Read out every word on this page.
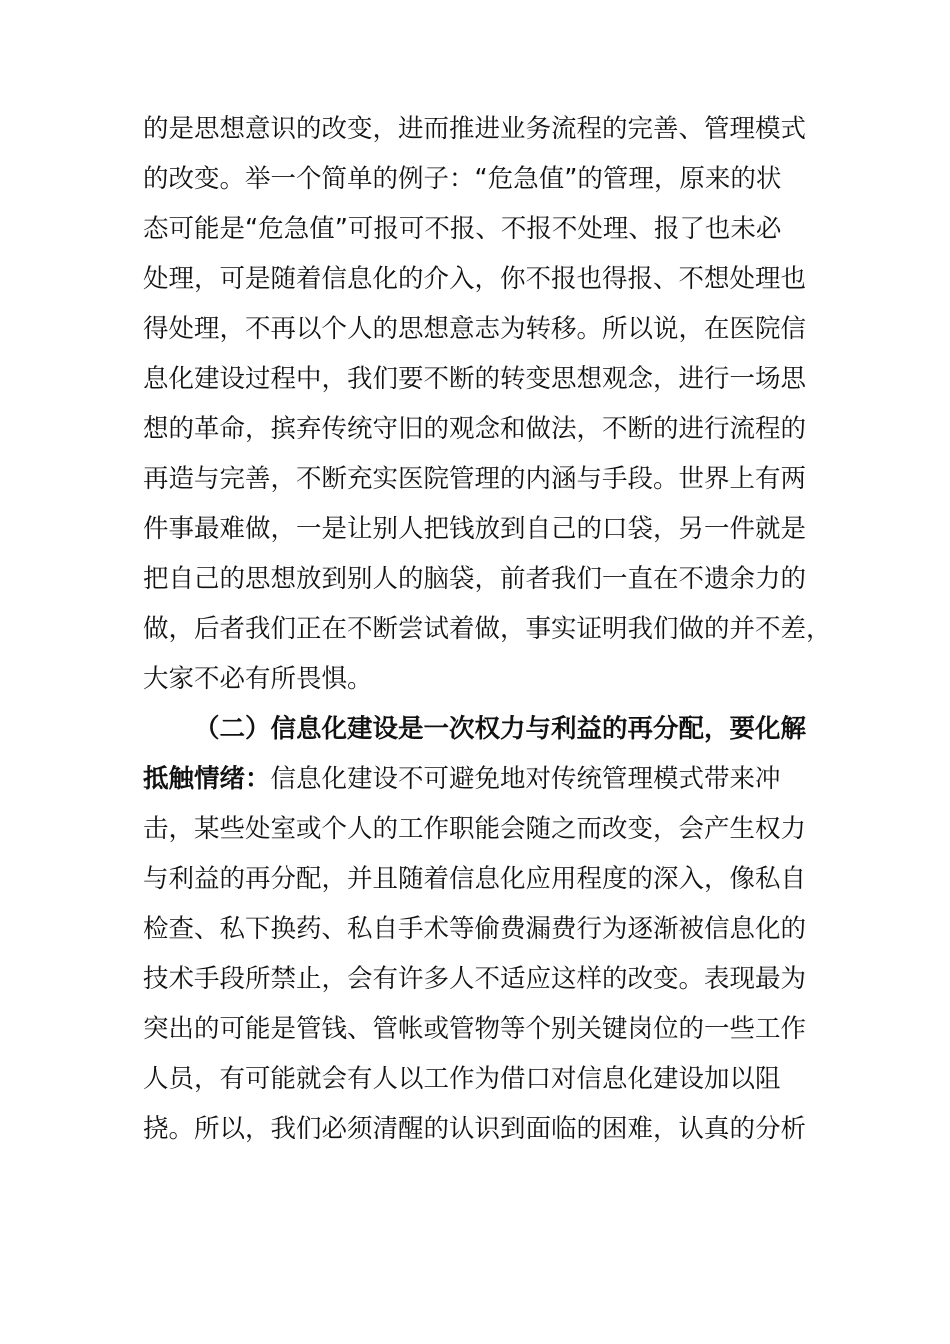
的是思想意识的改变，进而推进业务流程的完善、管理模式
的改变。举一个简单的例子：“危急值”的管理，原来的状
态可能是“危急值”可报可不报、不报不处理、报了也未必
处理，可是随着信息化的介入，你不报也得报、不想处理也
得处理，不再以个人的思想意志为转移。所以说，在医院信
息化建设过程中，我们要不断的转变思想观念，进行一场思
想的革命，摈弃传统守旧的观念和做法，不断的进行流程的
再造与完善，不断充实医院管理的内涵与手段。世界上有两
件事最难做，一是让别人把钱放到自己的口袋，另一件就是
把自己的思想放到别人的脑袋，前者我们一直在不遗余力的
做，后者我们正在不断尝试着做，事实证明我们做的并不差，
大家不必有所畏惧。
（二）信息化建设是一次权力与利益的再分配，要化解
抵触情绪：信息化建设不可避免地对传统管理模式带来冲
击，某些处室或个人的工作职能会随之而改变，会产生权力
与利益的再分配，并且随着信息化应用程度的深入，像私自
检查、私下换药、私自手术等偷费漏费行为逐渐被信息化的
技术手段所禁止，会有许多人不适应这样的改变。表现最为
突出的可能是管钱、管帐或管物等个别关键岗位的一些工作
人员，有可能就会有人以工作为借口对信息化建设加以阻
挠。所以，我们必须清醒的认识到面临的困难，认真的分析
